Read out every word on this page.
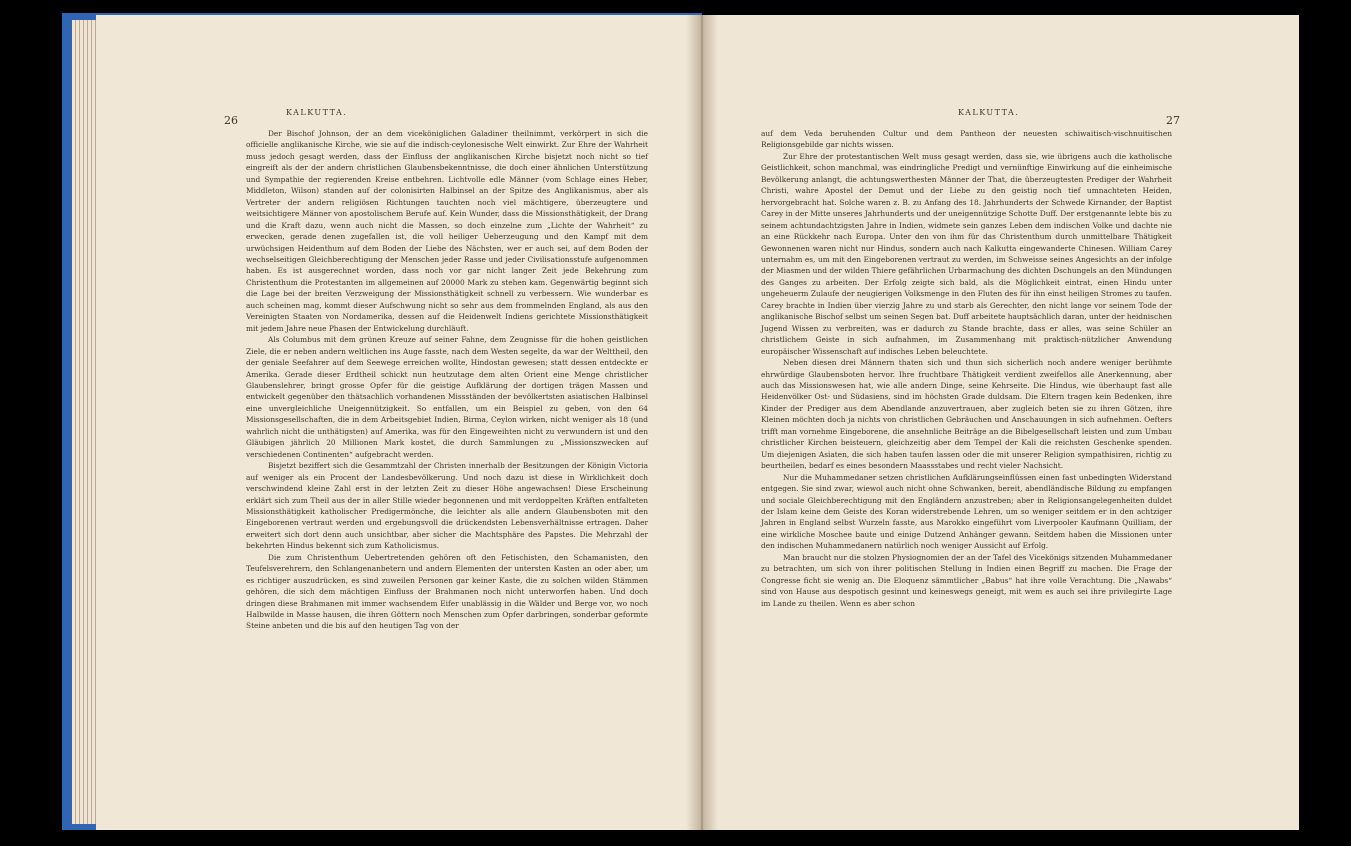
KALKUTTA.
26

Der Bischof Johnson, der an dem viceköniglichen Galadiner theilnimmt, verkörpert in sich die officielle anglikanische Kirche, wie sie auf die indisch-ceylonesische Welt einwirkt. Zur Ehre der Wahrheit muss jedoch gesagt werden, dass der Einfluss der anglikanischen Kirche bisjetzt noch nicht so tief eingreift als der der andern christlichen Glaubensbekenntnisse, die doch einer ähnlichen Unterstützung und Sympathie der regierenden Kreise entbehren. Lichtvolle edle Männer (vom Schlage eines Heber, Middleton, Wilson) standen auf der colonisirten Halbinsel an der Spitze des Anglikanismus, aber als Vertreter der andern religiösen Richtungen tauchten noch viel mächtigere, überzeugtere und weitsichtigere Männer von apostolischem Berufe auf. Kein Wunder, dass die Missionsthätigkeit, der Drang und die Kraft dazu, wenn auch nicht die Massen, so doch einzelne zum „Lichte der Wahrheit“ zu erwecken, gerade denen zugefallen ist, die voll heiliger Ueberzeugung und den Kampf mit dem urwüchsigen Heidenthum auf dem Boden der Liebe des Nächsten, wer er auch sei, auf dem Boden der wechselseitigen Gleichberechtigung der Menschen jeder Rasse und jeder Civilisationsstufe aufgenommen haben. Es ist ausgerechnet worden, dass noch vor gar nicht langer Zeit jede Bekehrung zum Christenthum die Protestanten im allgemeinen auf 20000 Mark zu stehen kam. Gegenwärtig beginnt sich die Lage bei der breiten Verzweigung der Missionsthätigkeit schnell zu verbessern. Wie wunderbar es auch scheinen mag, kommt dieser Aufschwung nicht so sehr aus dem frommelnden England, als aus den Vereinigten Staaten von Nordamerika, dessen auf die Heidenwelt Indiens gerichtete Missionsthätigkeit mit jedem Jahre neue Phasen der Entwickelung durchläuft.

Als Columbus mit dem grünen Kreuze auf seiner Fahne, dem Zeugnisse für die hohen geistlichen Ziele, die er neben andern weltlichen ins Auge fasste, nach dem Westen segelte, da war der Welttheil, den der geniale Seefahrer auf dem Seewege erreichen wollte, Hindostan gewesen; statt dessen entdeckte er Amerika. Gerade dieser Erdtheil schickt nun heutzutage dem alten Orient eine Menge christlicher Glaubenslehrer, bringt grosse Opfer für die geistige Aufklärung der dortigen trägen Massen und entwickelt gegenüber den thätsachlich vorhandenen Missständen der bevölkertsten asiatischen Halbinsel eine unvergleichliche Uneigennützigkeit. So entfallen, um ein Beispiel zu geben, von den 64 Missionsgesellschaften, die in dem Arbeitsgebiet Indien, Birma, Ceylon wirken, nicht weniger als 18 (und wahrlich nicht die unthätigsten) auf Amerika, was für den Eingeweihten nicht zu verwundern ist und den Gläubigen jährlich 20 Millionen Mark kostet, die durch Sammlungen zu „Missionszwecken auf verschiedenen Continenten“ aufgebracht werden.

Bisjetzt beziffert sich die Gesammtzahl der Christen innerhalb der Besitzungen der Königin Victoria auf weniger als ein Procent der Landesbevölkerung. Und noch dazu ist diese in Wirklichkeit doch verschwindend kleine Zahl erst in der letzten Zeit zu dieser Höhe angewachsen! Diese Erscheinung erklärt sich zum Theil aus der in aller Stille wieder begonnenen und mit verdoppelten Kräften entfalteten Missionsthätigkeit katholischer Predigermönche, die leichter als alle andern Glaubensboten mit den Eingeborenen vertraut werden und ergebungsvoll die drückendsten Lebensverhältnisse ertragen. Daher erweitert sich dort denn auch unsichtbar, aber sicher die Machtsphäre des Papstes. Die Mehrzahl der bekehrten Hindus bekennt sich zum Katholicismus.

Die zum Christenthum Uebertretenden gehören oft den Fetischisten, den Schamanisten, den Teufelsverehrern, den Schlangenanbetern und andern Elementen der untersten Kasten an oder aber, um es richtiger auszudrücken, es sind zuweilen Personen gar keiner Kaste, die zu solchen wilden Stämmen gehören, die sich dem mächtigen Einfluss der Brahmanen noch nicht unterworfen haben. Und doch dringen diese Brahmanen mit immer wachsendem Eifer unablässig in die Wälder und Berge vor, wo noch Halbwilde in Masse hausen, die ihren Göttern noch Menschen zum Opfer darbringen, sonderbar geformte Steine anbeten und die bis auf den heutigen Tag von der

KALKUTTA.
27

auf dem Veda beruhenden Cultur und dem Pantheon der neuesten schiwaitisch-vischnuitischen Religionsgebilde gar nichts wissen.

Zur Ehre der protestantischen Welt muss gesagt werden, dass sie, wie übrigens auch die katholische Geistlichkeit, schon manchmal, was eindringliche Predigt und vernünftige Einwirkung auf die einheimische Bevölkerung anlangt, die achtungswerthesten Männer der That, die überzeugtesten Prediger der Wahrheit Christi, wahre Apostel der Demut und der Liebe zu den geistig noch tief umnachteten Heiden, hervorgebracht hat. Solche waren z. B. zu Anfang des 18. Jahrhunderts der Schwede Kirnander, der Baptist Carey in der Mitte unseres Jahrhunderts und der uneigennützige Schotte Duff. Der erstgenannte lebte bis zu seinem achtundachtzigsten Jahre in Indien, widmete sein ganzes Leben dem indischen Volke und dachte nie an eine Rückkehr nach Europa. Unter den von ihm für das Christenthum durch unmittelbare Thätigkeit Gewonnenen waren nicht nur Hindus, sondern auch nach Kalkutta eingewanderte Chinesen. William Carey unternahm es, um mit den Eingeborenen vertraut zu werden, im Schweisse seines Angesichts an der infolge der Miasmen und der wilden Thiere gefährlichen Urbarmachung des dichten Dschungels an den Mündungen des Ganges zu arbeiten. Der Erfolg zeigte sich bald, als die Möglichkeit eintrat, einen Hindu unter ungeheuerm Zulaufe der neugierigen Volksmenge in den Fluten des für ihn einst heiligen Stromes zu taufen. Carey brachte in Indien über vierzig Jahre zu und starb als Gerechter, den nicht lange vor seinem Tode der anglikanische Bischof selbst um seinen Segen bat. Duff arbeitete hauptsächlich daran, unter der heidnischen Jugend Wissen zu verbreiten, was er dadurch zu Stande brachte, dass er alles, was seine Schüler an christlichem Geiste in sich aufnahmen, im Zusammenhang mit praktisch-nützlicher Anwendung europäischer Wissenschaft auf indisches Leben beleuchtete.

Neben diesen drei Männern thaten sich und thun sich sicherlich noch andere weniger berühmte ehrwürdige Glaubensboten hervor. Ihre fruchtbare Thätigkeit verdient zweifellos alle Anerkennung, aber auch das Missionswesen hat, wie alle andern Dinge, seine Kehrseite. Die Hindus, wie überhaupt fast alle Heidenvölker Ost- und Südasiens, sind im höchsten Grade duldsam. Die Eltern tragen kein Bedenken, ihre Kinder der Prediger aus dem Abendlande anzuvertrauen, aber zugleich beten sie zu ihren Götzen, ihre Kleinen möchten doch ja nichts von christlichen Gebräuchen und Anschauungen in sich aufnehmen. Oefters trifft man vornehme Eingeborene, die ansehnliche Beiträge an die Bibelgesellschaft leisten und zum Umbau christlicher Kirchen beisteuern, gleichzeitig aber dem Tempel der Kali die reichsten Geschenke spenden. Um diejenigen Asiaten, die sich haben taufen lassen oder die mit unserer Religion sympathisiren, richtig zu beurtheilen, bedarf es eines besondern Maassstabes und recht vieler Nachsicht.

Nur die Muhammedaner setzen christlichen Aufklärungseinflüssen einen fast unbedingten Widerstand entgegen. Sie sind zwar, wiewol auch nicht ohne Schwanken, bereit, abendländische Bildung zu empfangen und sociale Gleichberechtigung mit den Engländern anzustreben; aber in Religionsangelegenheiten duldet der Islam keine dem Geiste des Koran widerstrebende Lehren, um so weniger seitdem er in den achtziger Jahren in England selbst Wurzeln fasste, aus Marokko eingeführt vom Liverpooler Kaufmann Quilliam, der eine wirkliche Moschee baute und einige Dutzend Anhänger gewann. Seitdem haben die Missionen unter den indischen Muhammedanern natürlich noch weniger Aussicht auf Erfolg.

Man braucht nur die stolzen Physiognomien der an der Tafel des Vicekönigs sitzenden Muhammedaner zu betrachten, um sich von ihrer politischen Stellung in Indien einen Begriff zu machen. Die Frage der Congresse ficht sie wenig an. Die Eloquenz sämmtlicher „Babus“ hat ihre volle Verachtung. Die „Nawabs“ sind von Hause aus despotisch gesinnt und keineswegs geneigt, mit wem es auch sei ihre privilegirte Lage im Lande zu theilen. Wenn es aber schon
